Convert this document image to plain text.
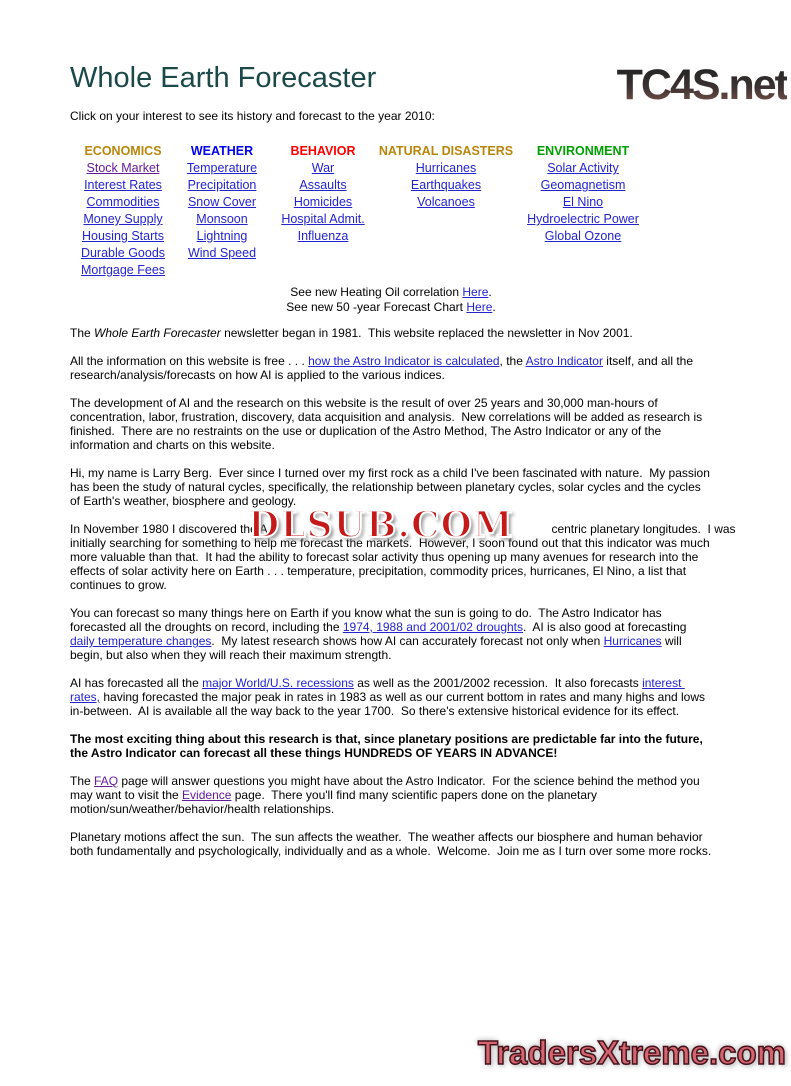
TC4S.net
Whole Earth Forecaster
Click on your interest to see its history and forecast to the year 2010:
ECONOMICS
Stock Market
Interest Rates
Commodities
Money Supply
Housing Starts
Durable Goods
Mortgage Fees
WEATHER
Temperature
Precipitation
Snow Cover
Monsoon
Lightning
Wind Speed
BEHAVIOR
War
Assaults
Homicides
Hospital Admit.
Influenza
NATURAL DISASTERS
Hurricanes
Earthquakes
Volcanoes
ENVIRONMENT
Solar Activity
Geomagnetism
El Nino
Hydroelectric Power
Global Ozone
See new Heating Oil correlation Here.
See new 50 -year Forecast Chart Here.
The Whole Earth Forecaster newsletter began in 1981.  This website replaced the newsletter in Nov 2001.
All the information on this website is free . . . how the Astro Indicator is calculated, the Astro Indicator itself, and all the research/analysis/forecasts on how AI is applied to the various indices.
The development of AI and the research on this website is the result of over 25 years and 30,000 man-hours of concentration, labor, frustration, discovery, data acquisition and analysis.  New correlations will be added as research is finished.  There are no restraints on the use or duplication of the Astro Method, The Astro Indicator or any of the information and charts on this website.
Hi, my name is Larry Berg.  Ever since I turned over my first rock as a child I've been fascinated with nature.  My passion has been the study of natural cycles, specifically, the relationship between planetary cycles, solar cycles and the cycles of Earth's weather, biosphere and geology.
In November 1980 I discovered the A	centric planetary longitudes.  I was
DLSUB.COM
initially searching for something to help me forecast the markets.  However, I soon found out that this indicator was much more valuable than that.  It had the ability to forecast solar activity thus opening up many avenues for research into the effects of solar activity here on Earth . . . temperature, precipitation, commodity prices, hurricanes, El Nino, a list that continues to grow.
You can forecast so many things here on Earth if you know what the sun is going to do.  The Astro Indicator has forecasted all the droughts on record, including the 1974, 1988 and 2001/02 droughts.  AI is also good at forecasting daily temperature changes.  My latest research shows how AI can accurately forecast not only when Hurricanes will begin, but also when they will reach their maximum strength.
AI has forecasted all the major World/U.S. recessions as well as the 2001/2002 recession.  It also forecasts interest rates, having forecasted the major peak in rates in 1983 as well as our current bottom in rates and many highs and lows in-between.  AI is available all the way back to the year 1700.  So there's extensive historical evidence for its effect.
The most exciting thing about this research is that, since planetary positions are predictable far into the future, the Astro Indicator can forecast all these things HUNDREDS OF YEARS IN ADVANCE!
The FAQ page will answer questions you might have about the Astro Indicator.  For the science behind the method you may want to visit the Evidence page.  There you'll find many scientific papers done on the planetary motion/sun/weather/behavior/health relationships.
Planetary motions affect the sun.  The sun affects the weather.  The weather affects our biosphere and human behavior both fundamentally and psychologically, individually and as a whole.  Welcome.  Join me as I turn over some more rocks.
TradersXtreme.com
